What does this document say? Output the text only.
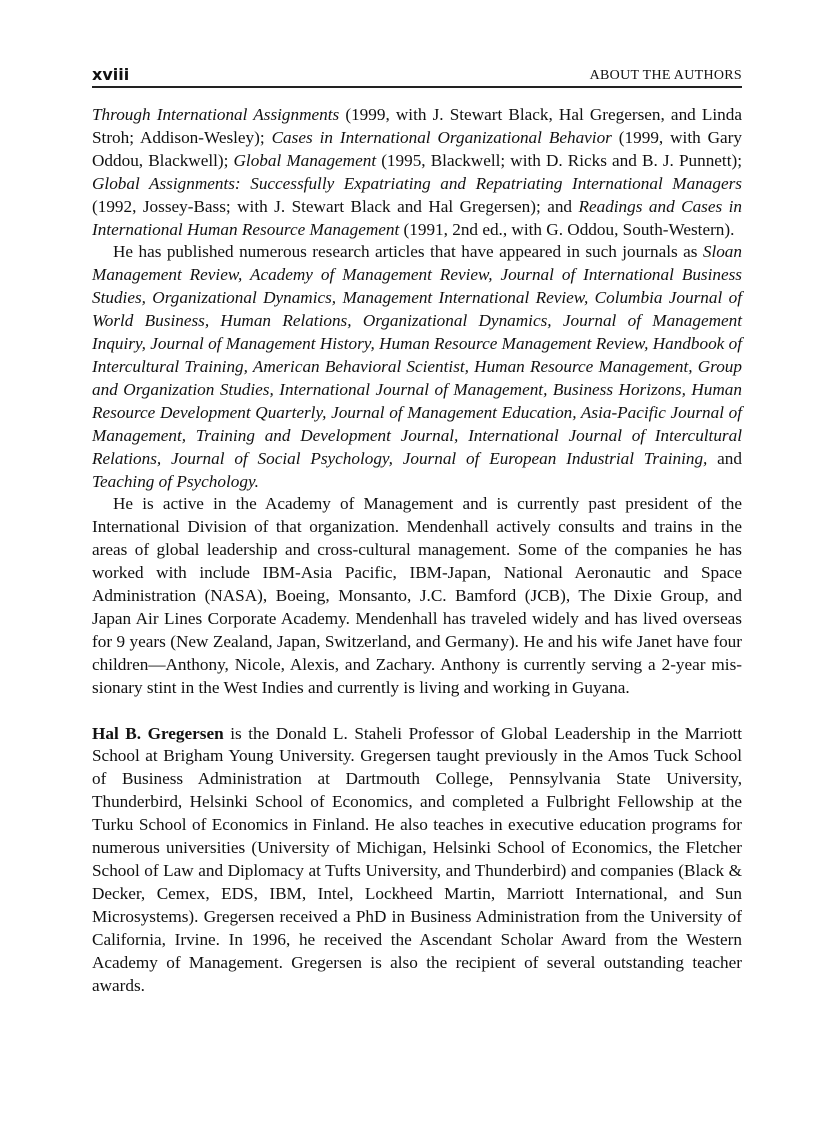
xviii	ABOUT THE AUTHORS

Through International Assignments (1999, with J. Stewart Black, Hal Gregersen, and Linda Stroh; Addison-Wesley); Cases in International Organizational Behavior (1999, with Gary Oddou, Blackwell); Global Management (1995, Blackwell; with D. Ricks and B. J. Punnett); Global Assignments: Successfully Expatriating and Repatriating International Managers (1992, Jossey-Bass; with J. Stewart Black and Hal Gregersen); and Readings and Cases in International Human Resource Management (1991, 2nd ed., with G. Oddou, South-Western).

He has published numerous research articles that have appeared in such journals as Sloan Management Review, Academy of Management Review, Journal of International Business Studies, Organizational Dynamics, Management International Review, Columbia Journal of World Business, Human Relations, Organizational Dynamics, Journal of Management Inquiry, Journal of Management History, Human Resource Management Review, Handbook of Intercultural Training, American Behavioral Scientist, Human Resource Management, Group and Organization Studies, International Journal of Management, Business Horizons, Human Resource Development Quarterly, Journal of Management Education, Asia-Pacific Journal of Management, Training and Development Journal, International Journal of Intercultural Relations, Journal of Social Psychology, Journal of European Industrial Training, and Teaching of Psychology.

He is active in the Academy of Management and is currently past president of the International Division of that organization. Mendenhall actively consults and trains in the areas of global leadership and cross-cultural management. Some of the companies he has worked with include IBM-Asia Pacific, IBM-Japan, National Aeronautic and Space Administration (NASA), Boeing, Monsanto, J.C. Bamford (JCB), The Dixie Group, and Japan Air Lines Corporate Academy. Mendenhall has traveled widely and has lived overseas for 9 years (New Zealand, Japan, Switzerland, and Germany). He and his wife Janet have four children—Anthony, Nicole, Alexis, and Zachary. Anthony is currently serving a 2-year missionary stint in the West Indies and currently is living and working in Guyana.

Hal B. Gregersen is the Donald L. Staheli Professor of Global Leadership in the Marriott School at Brigham Young University. Gregersen taught previously in the Amos Tuck School of Business Administration at Dartmouth College, Pennsylvania State University, Thunderbird, Helsinki School of Economics, and completed a Fulbright Fellowship at the Turku School of Economics in Finland. He also teaches in executive education programs for numerous universities (University of Michigan, Helsinki School of Economics, the Fletcher School of Law and Diplomacy at Tufts University, and Thunderbird) and companies (Black & Decker, Cemex, EDS, IBM, Intel, Lockheed Martin, Marriott International, and Sun Microsystems). Gregersen received a PhD in Business Administration from the University of California, Irvine. In 1996, he received the Ascendant Scholar Award from the Western Academy of Management. Gregersen is also the recipient of several outstanding teacher awards.
